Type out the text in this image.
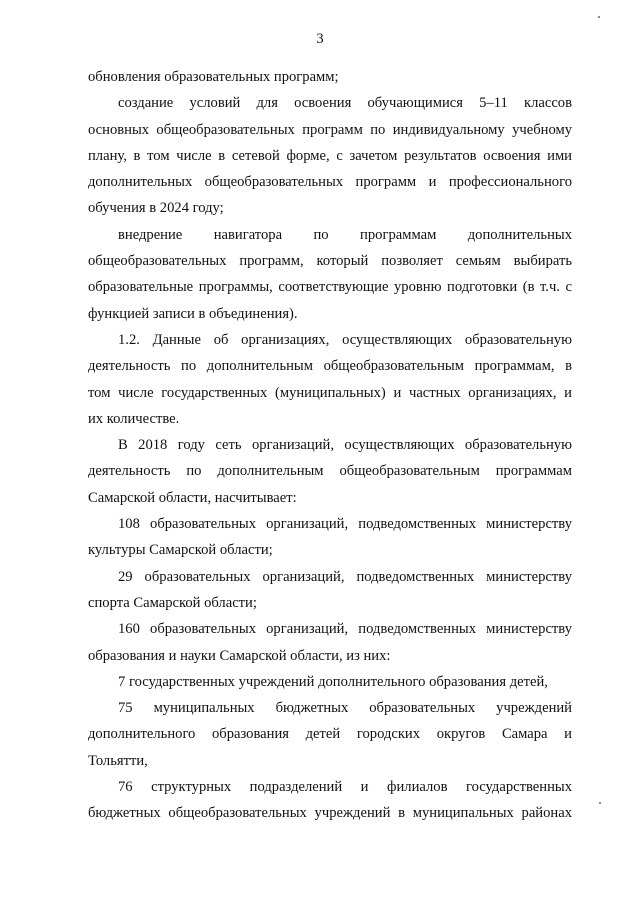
3
обновления образовательных программ;
создание условий для освоения обучающимися 5–11 классов
основных общеобразовательных программ по индивидуальному учебному
плану, в том числе в сетевой форме, с зачетом результатов освоения ими
дополнительных общеобразовательных программ и профессионального
обучения в 2024 году;
внедрение навигатора по программам дополнительных
общеобразовательных программ, который позволяет семьям выбирать
образовательные программы, соответствующие уровню подготовки (в т.ч. с
функцией записи в объединения).
1.2. Данные об организациях, осуществляющих образовательную
деятельность по дополнительным общеобразовательным программам, в
том числе государственных (муниципальных) и частных организациях, и
их количестве.
В 2018 году сеть организаций, осуществляющих образовательную
деятельность по дополнительным общеобразовательным программам
Самарской области, насчитывает:
108 образовательных организаций, подведомственных министерству
культуры Самарской области;
29 образовательных организаций, подведомственных министерству
спорта Самарской области;
160 образовательных организаций, подведомственных министерству
образования и науки Самарской области, из них:
7 государственных учреждений дополнительного образования детей,
75 муниципальных бюджетных образовательных учреждений
дополнительного образования детей городских округов Самара и
Тольятти,
76 структурных подразделений и филиалов государственных
бюджетных общеобразовательных учреждений в муниципальных районах
